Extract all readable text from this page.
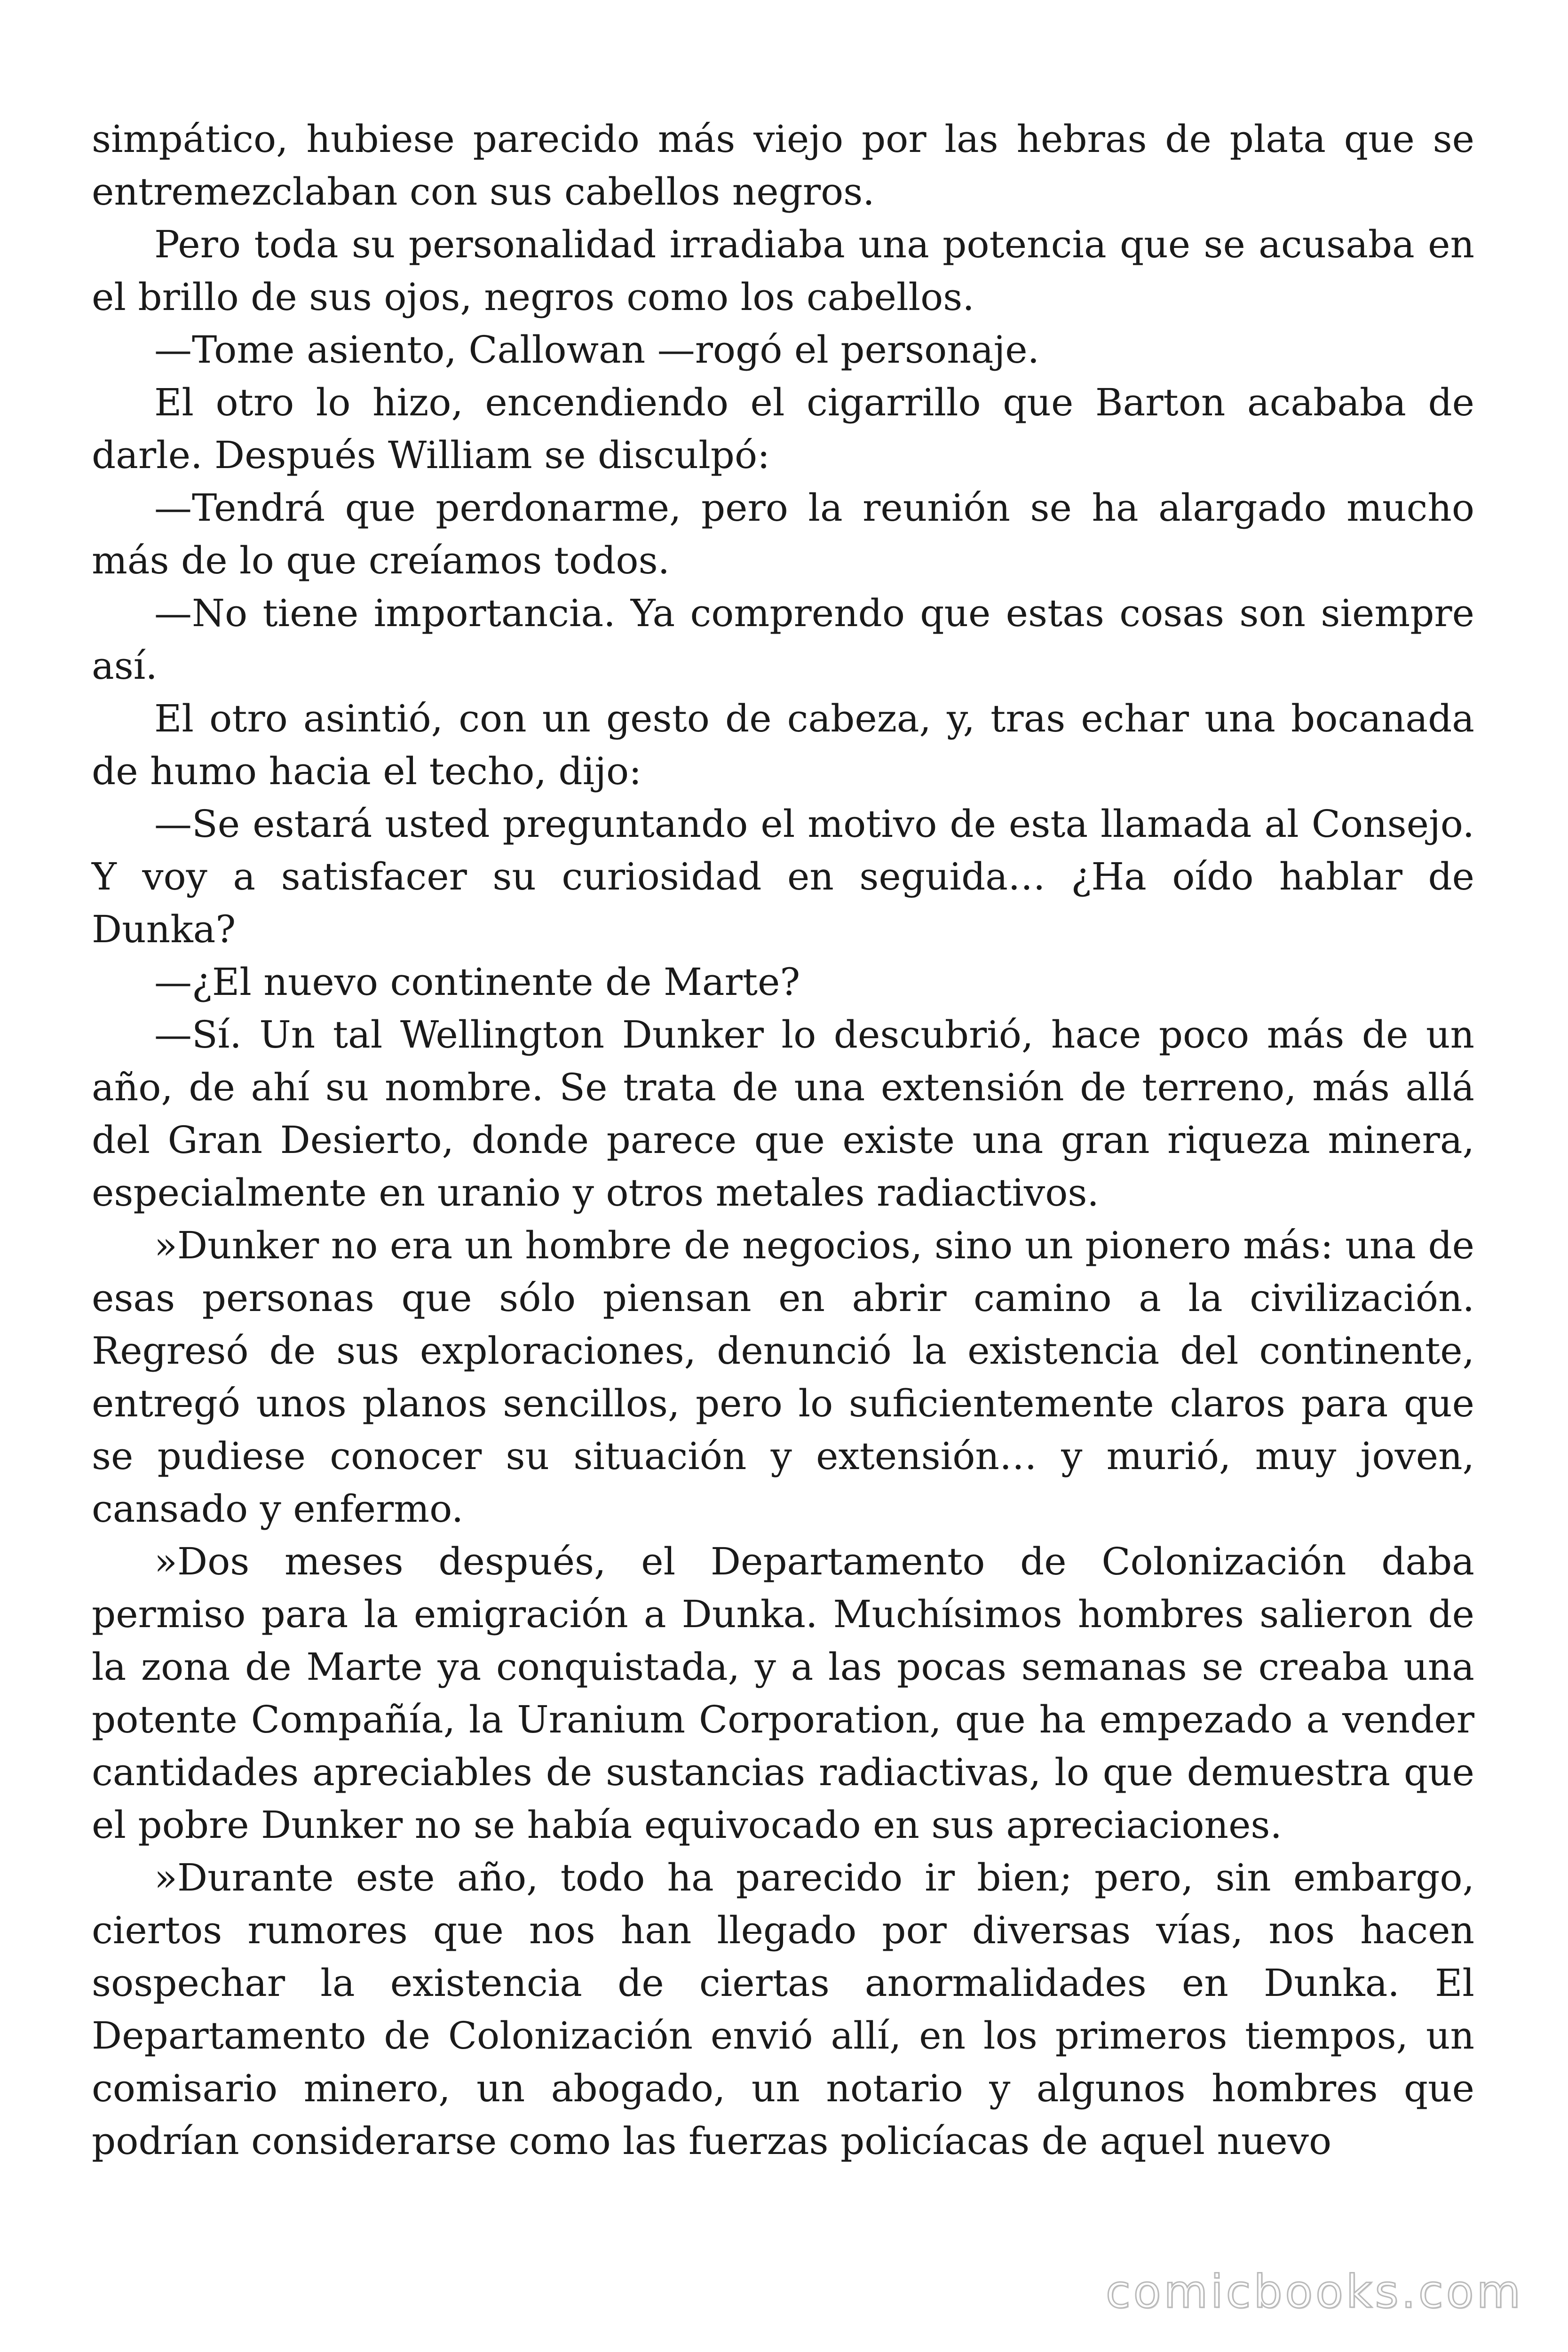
simpático, hubiese parecido más viejo por las hebras de plata que se entremezclaban con sus cabellos negros.

Pero toda su personalidad irradiaba una potencia que se acusaba en el brillo de sus ojos, negros como los cabellos.

—Tome asiento, Callowan —rogó el personaje.

El otro lo hizo, encendiendo el cigarrillo que Barton acababa de darle. Después William se disculpó:

—Tendrá que perdonarme, pero la reunión se ha alargado mucho más de lo que creíamos todos.

—No tiene importancia. Ya comprendo que estas cosas son siempre así.

El otro asintió, con un gesto de cabeza, y, tras echar una bocanada de humo hacia el techo, dijo:

—Se estará usted preguntando el motivo de esta llamada al Consejo. Y voy a satisfacer su curiosidad en seguida… ¿Ha oído hablar de Dunka?

—¿El nuevo continente de Marte?

—Sí. Un tal Wellington Dunker lo descubrió, hace poco más de un año, de ahí su nombre. Se trata de una extensión de terreno, más allá del Gran Desierto, donde parece que existe una gran riqueza minera, especialmente en uranio y otros metales radiactivos.

»Dunker no era un hombre de negocios, sino un pionero más: una de esas personas que sólo piensan en abrir camino a la civilización. Regresó de sus exploraciones, denunció la existencia del continente, entregó unos planos sencillos, pero lo suficientemente claros para que se pudiese conocer su situación y extensión… y murió, muy joven, cansado y enfermo.

»Dos meses después, el Departamento de Colonización daba permiso para la emigración a Dunka. Muchísimos hombres salieron de la zona de Marte ya conquistada, y a las pocas semanas se creaba una potente Compañía, la Uranium Corporation, que ha empezado a vender cantidades apreciables de sustancias radiactivas, lo que demuestra que el pobre Dunker no se había equivocado en sus apreciaciones.

»Durante este año, todo ha parecido ir bien; pero, sin embargo, ciertos rumores que nos han llegado por diversas vías, nos hacen sospechar la existencia de ciertas anormalidades en Dunka. El Departamento de Colonización envió allí, en los primeros tiempos, un comisario minero, un abogado, un notario y algunos hombres que podrían considerarse como las fuerzas policíacas de aquel nuevo

comicbooks.com
